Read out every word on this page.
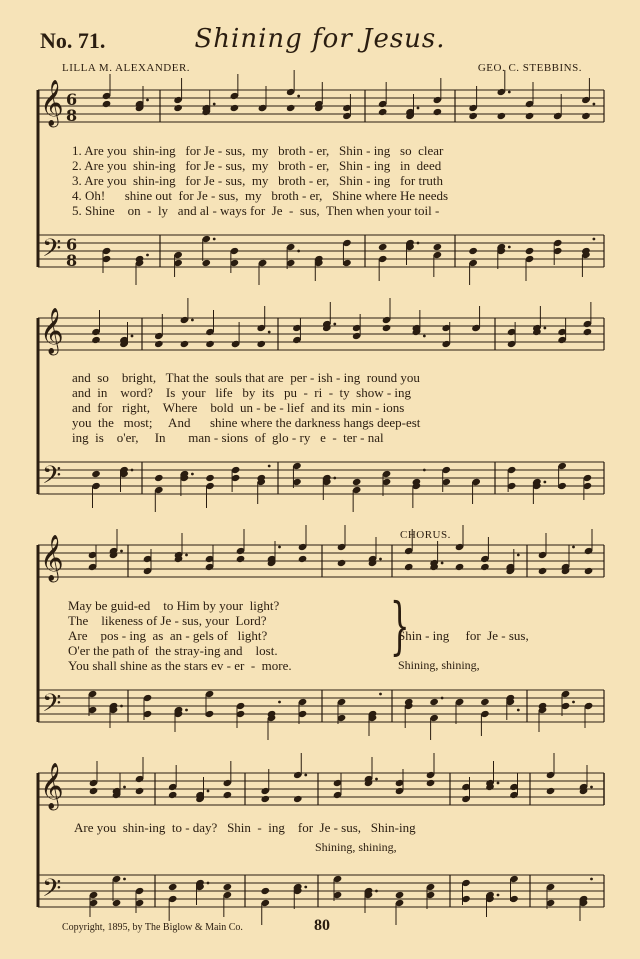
No. 71.	Shining for Jesus.
LILLA M. ALEXANDER.	GEO. C. STEBBINS.
𝄞
𝄢
6
8
6
8
𝄞
𝄢
𝄞
𝄢
𝄞
𝄢
1. Are you  shin-ing   for Je - sus,  my   broth - er,   Shin - ing   so  clear
2. Are you  shin-ing   for Je - sus,  my   broth - er,   Shin - ing   in  deed
3. Are you  shin-ing   for Je - sus,  my   broth - er,   Shin - ing   for truth
4. Oh!      shine out  for Je - sus,  my   broth - er,   Shine where He needs
5. Shine    on  -  ly   and al - ways for  Je  -  sus,  Then when your toil -
and  so    bright,   That the  souls that are  per - ish - ing  round you
and  in    word?    Is  your   life   by  its   pu  -  ri  -  ty  show - ing
and  for   right,    Where    bold  un - be - lief  and its  min - ions
you  the   most;     And      shine where the darkness hangs deep-est
ing  is    o'er,     In       man - sions  of  glo - ry   e  -  ter - nal
CHORUS.
May be guid-ed    to Him by your  light?
The    likeness of Je - sus, your  Lord?
Are    pos - ing  as  an - gels of   light?
O'er the path of  the stray-ing and    lost.
You shall shine as the stars ev - er  -  more.
}
Shin - ing     for  Je - sus,
Shining, shining,
Are you  shin-ing  to - day?   Shin  -  ing    for  Je - sus,   Shin-ing
Shining, shining,
Copyright, 1895, by The Biglow & Main Co.	80
